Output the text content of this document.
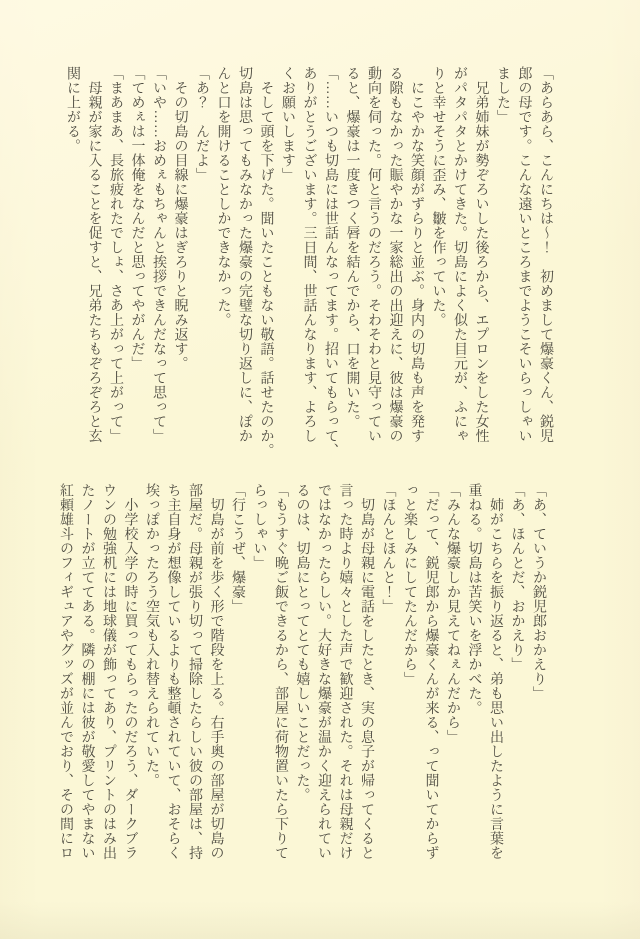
「あらあら、こんにちは〜！　初めまして爆豪くん、鋭児

郎の母です。こんな遠いところまでようこそいらっしゃい

ました」

　兄弟姉妹が勢ぞろいした後ろから、エプロンをした女性

がパタパタとかけてきた。切島によく似た目元が、ふにゃ

りと幸せそうに歪み、皺を作っていた。

　にこやかな笑顔がずらりと並ぶ。身内の切島も声を発す

る隙もなかった賑やかな一家総出の出迎えに、彼は爆豪の

動向を伺った。何と言うのだろう。そわそわと見守ってい

ると、爆豪は一度きつく唇を結んでから、口を開いた。

「……いつも切島には世話んなってます。招いてもらって、

ありがとうございます。三日間、世話んなります、よろし

くお願いします」

　そして頭を下げた。聞いたこともない敬語。話せたのか。

切島は思ってもみなかった爆豪の完璧な切り返しに、ぽか

んと口を開けることしかできなかった。

「あ？　んだよ」

　その切島の目線に爆豪はぎろりと睨み返す。

「いや……おめぇもちゃんと挨拶できんだなって思って」

「てめぇは一体俺をなんだと思ってやがんだ」

「まあまあ、長旅疲れたでしょ、さあ上がって上がって」

　母親が家に入ることを促すと、兄弟たちもぞろぞろと玄

関に上がる。

「あ、ていうか鋭児郎おかえり」

「あ、ほんとだ、おかえり」

　姉がこちらを振り返ると、弟も思い出したように言葉を

重ねる。切島は苦笑いを浮かべた。

「みんな爆豪しか見えてねぇんだから」

「だって、鋭児郎から爆豪くんが来る、って聞いてからず

っと楽しみにしてたんだから」

「ほんとほんと！」

　切島が母親に電話をしたとき、実の息子が帰ってくると

言った時より嬉々とした声で歓迎された。それは母親だけ

ではなかったらしい。大好きな爆豪が温かく迎えられてい

るのは、切島にとってとても嬉しいことだった。

「もうすぐ晩ご飯できるから、部屋に荷物置いたら下りて

らっしゃい」

「行こうぜ、爆豪」

　切島が前を歩く形で階段を上る。右手奥の部屋が切島の

部屋だ。母親が張り切って掃除したらしい彼の部屋は、持

ち主自身が想像しているよりも整頓されていて、おそらく

埃っぽかったろう空気も入れ替えられていた。

　小学校入学の時に買ってもらったのだろう、ダークブラ

ウンの勉強机には地球儀が飾ってあり、プリントのはみ出

たノートが立ててある。隣の棚には彼が敬愛してやまない

紅頼雄斗のフィギュアやグッズが並んでおり、その間にロ
